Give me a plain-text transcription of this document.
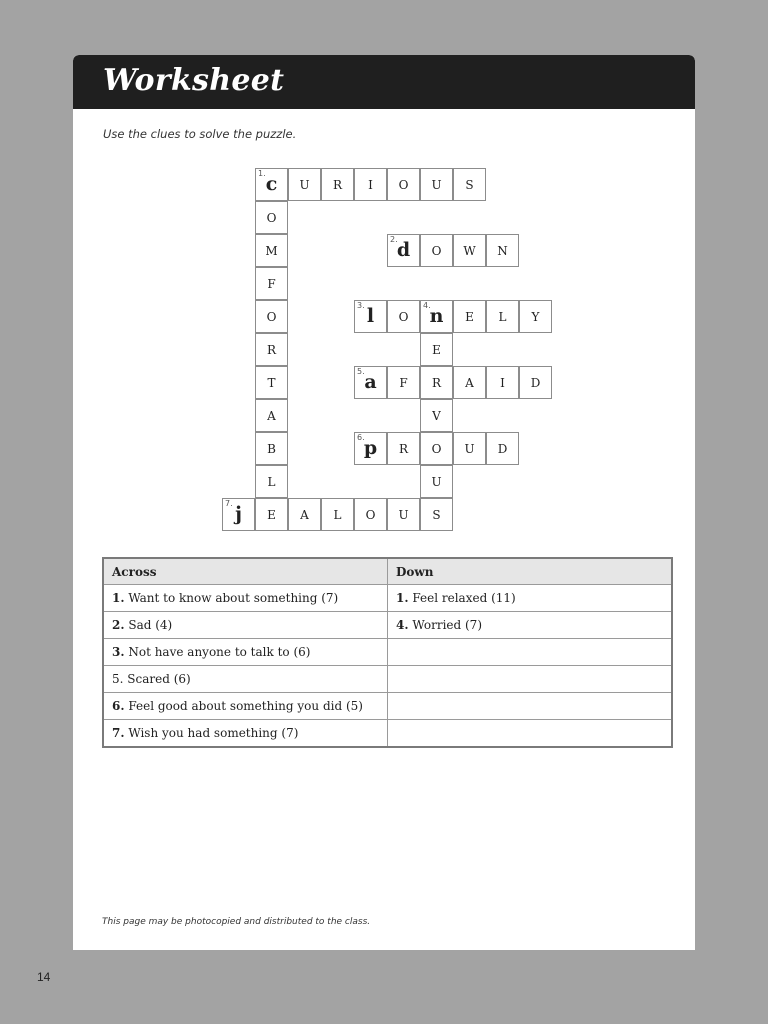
Worksheet
Use the clues to solve the puzzle.
1. c	U	R	I	O	U	S
O
M
2. d	O	W	N
F
O
3. l	O
4.
n	E	L	Y
R	E
T
5. a	F	R	A	I	D
A	V
B
6. p	R	O	U	D
L	U
7. j	E	A	L	O	U	S
Across	Down
1. Want to know about something (7)	1. Feel relaxed (11)
2. Sad (4)	4. Worried (7)
3. Not have anyone to talk to (6)	
5. Scared (6)	
6. Feel good about something you did (5)	
7. Wish you had something (7)	
This page may be photocopied and distributed to the class.
14
